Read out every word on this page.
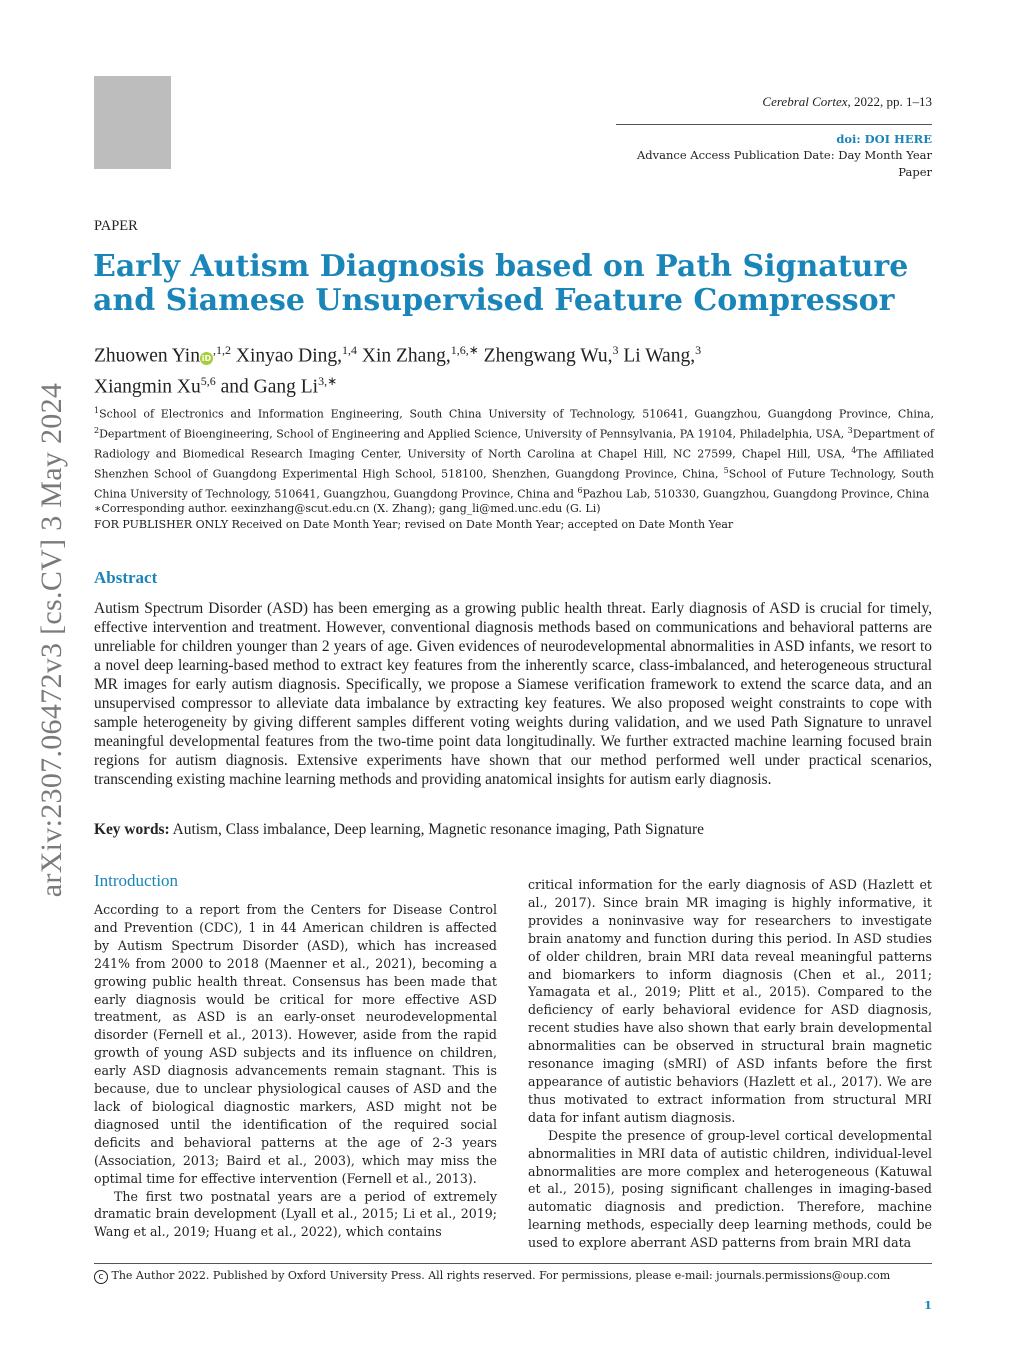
Cerebral Cortex, 2022, pp. 1–13
doi: DOI HERE
Advance Access Publication Date: Day Month Year
Paper
arXiv:2307.06472v3 [cs.CV] 3 May 2024
PAPER
Early Autism Diagnosis based on Path Signature and Siamese Unsupervised Feature Compressor
Zhuowen Yin $iD^{,1,2}$ Xinyao Ding,$^{1,4}$ Xin Zhang,$^{1,6,∗}$ Zhengwang Wu,$^3$ Li Wang,$^3$
Xiangmin Xu$^{5,6}$ and Gang $Li^{3,∗}$
$^1$School of Electronics and Information Engineering, South China University of Technology, 510641, Guangzhou, Guangdong Province, China, $^2$Department of Bioengineering, School of Engineering and Applied Science, University of Pennsylvania, PA 19104, Philadelphia, USA, $^3$Department of Radiology and Biomedical Research Imaging Center, University of North Carolina at Chapel Hill, NC 27599, Chapel Hill, USA, $^4$The Affiliated Shenzhen School of Guangdong Experimental High School, 518100, Shenzhen, Guangdong Province, China, $^5$School of Future Technology, South China University of Technology, 510641, Guangzhou, Guangdong Province, China and $^6$Pazhou Lab, 510330, Guangzhou, Guangdong Province, China
∗Corresponding author. eexinzhang@scut.edu.cn (X. Zhang); gang_li@med.unc.edu (G. Li)
FOR PUBLISHER ONLY Received on Date Month Year; revised on Date Month Year; accepted on Date Month Year
Abstract
Autism Spectrum Disorder (ASD) has been emerging as a growing public health threat. Early diagnosis of ASD is crucial for timely, effective intervention and treatment. However, conventional diagnosis methods based on communications and behavioral patterns are unreliable for children younger than 2 years of age. Given evidences of neurodevelopmental abnormalities in ASD infants, we resort to a novel deep learning-based method to extract key features from the inherently scarce, class-imbalanced, and heterogeneous structural MR images for early autism diagnosis. Specifically, we propose a Siamese verification framework to extend the scarce data, and an unsupervised compressor to alleviate data imbalance by extracting key features. We also proposed weight constraints to cope with sample heterogeneity by giving different samples different voting weights during validation, and we used Path Signature to unravel meaningful developmental features from the two-time point data longitudinally. We further extracted machine learning focused brain regions for autism diagnosis. Extensive experiments have shown that our method performed well under practical scenarios, transcending existing machine learning methods and providing anatomical insights for autism early diagnosis.
Key words: Autism, Class imbalance, Deep learning, Magnetic resonance imaging, Path Signature
Introduction

According to a report from the Centers for Disease Control and Prevention (CDC), 1 in 44 American children is affected by Autism Spectrum Disorder (ASD), which has increased 241% from 2000 to 2018 (Maenner et al., 2021), becoming a growing public health threat. Consensus has been made that early diagnosis would be critical for more effective ASD treatment, as ASD is an early-onset neurodevelopmental disorder (Fernell et al., 2013). However, aside from the rapid growth of young ASD subjects and its influence on children, early ASD diagnosis advancements remain stagnant. This is because, due to unclear physiological causes of ASD and the lack of biological diagnostic markers, ASD might not be diagnosed until the identification of the required social deficits and behavioral patterns at the age of 2-3 years (Association, 2013; Baird et al., 2003), which may miss the optimal time for effective intervention (Fernell et al., 2013).

The first two postnatal years are a period of extremely dramatic brain development (Lyall et al., 2015; Li et al., 2019; Wang et al., 2019; Huang et al., 2022), which contains

critical information for the early diagnosis of ASD (Hazlett et al., 2017). Since brain MR imaging is highly informative, it provides a noninvasive way for researchers to investigate brain anatomy and function during this period. In ASD studies of older children, brain MRI data reveal meaningful patterns and biomarkers to inform diagnosis (Chen et al., 2011; Yamagata et al., 2019; Plitt et al., 2015). Compared to the deficiency of early behavioral evidence for ASD diagnosis, recent studies have also shown that early brain developmental abnormalities can be observed in structural brain magnetic resonance imaging (sMRI) of ASD infants before the first appearance of autistic behaviors (Hazlett et al., 2017). We are thus motivated to extract information from structural MRI data for infant autism diagnosis.

Despite the presence of group-level cortical developmental abnormalities in MRI data of autistic children, individual-level abnormalities are more complex and heterogeneous (Katuwal et al., 2015), posing significant challenges in imaging-based automatic diagnosis and prediction. Therefore, machine learning methods, especially deep learning methods, could be used to explore aberrant ASD patterns from brain MRI data

c The Author 2022. Published by Oxford University Press. All rights reserved. For permissions, please e-mail: journals.permissions@oup.com
1
